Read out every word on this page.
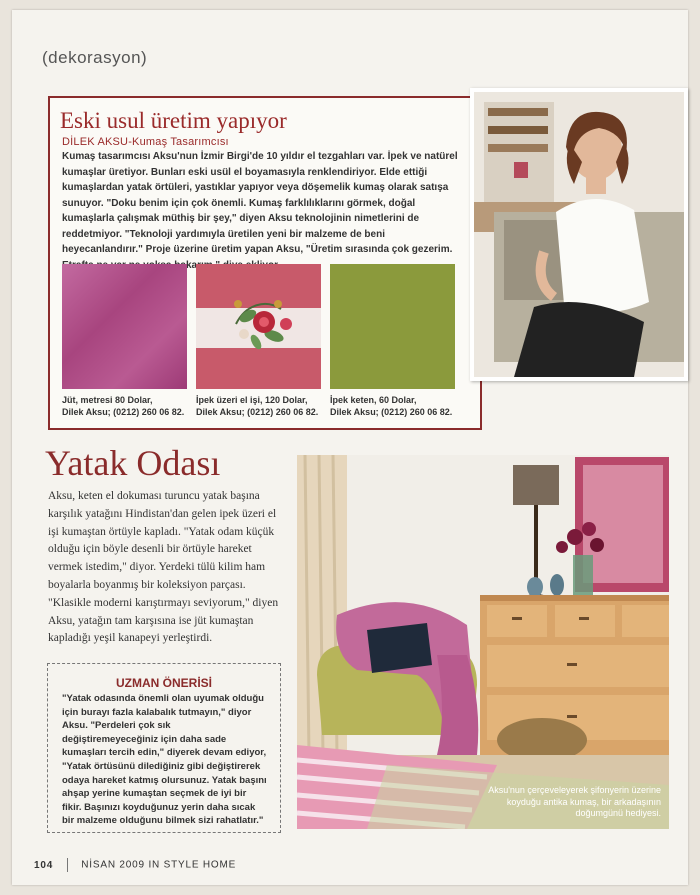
(dekorasyon)
Eski usul üretim yapıyor
DİLEK AKSU-Kumaş Tasarımcısı
Kumaş tasarımcısı Aksu'nun İzmir Birgi'de 10 yıldır el tezgahları var. İpek ve natürel kumaşlar üretiyor. Bunları eski usül el boyamasıyla renklendiriyor. Elde ettiği kumaşlardan yatak örtüleri, yastıklar yapıyor veya döşemelik kumaş olarak satışa sunuyor. "Doku benim için çok önemli. Kumaş farklılıklarını görmek, doğal kumaşlarla çalışmak müthiş bir şey," diyen Aksu teknolojinin nimetlerini de reddetmiyor. "Teknoloji yardımıyla üretilen yeni bir malzeme de beni heyecanlandırır." Proje üzerine üretim yapan Aksu, "Üretim sırasında çok gezerim.
Jüt, metresi 80 Dolar,
Dilek Aksu; (0212) 260 06 82.
İpek üzeri el işi, 120 Dolar,
Dilek Aksu; (0212) 260 06 82.
İpek keten, 60 Dolar,
Dilek Aksu; (0212) 260 06 82.
Yatak Odası
Aksu, keten el dokuması turuncu yatak başına karşılık yatağını Hindistan'dan gelen ipek üzeri el işi kumaştan örtüyle kapladı. "Yatak odam küçük olduğu için böyle desenli bir örtüyle hareket vermek istedim," diyor. Yerdeki tülü kilim ham boyalarla boyanmış bir koleksiyon parçası. "Klasikle moderni karıştırmayı seviyorum," diyen Aksu, yatağın tam karşısına ise jüt kumaştan kapladığı yeşil kanapeyi yerleştirdi.
UZMAN ÖNERİSİ
"Yatak odasında önemli olan uyumak olduğu için burayı fazla kalabalık tutmayın," diyor Aksu. "Perdeleri çok sık değiştiremeyeceğiniz için daha sade kumaşları tercih edin," diyerek devam ediyor, "Yatak örtüsünü dilediğiniz gibi değiştirerek odaya hareket katmış olursunuz. Yatak başını ahşap yerine kumaştan seçmek de iyi bir fikir. Başınızı koyduğunuz yerin daha sıcak bir malzeme olduğunu bilmek sizi rahatlatır."
Aksu'nun çerçeveleyerek şifonyerin üzerine koyduğu antika kumaş, bir arkadaşının doğumgünü hediyesi.
104	NİSAN 2009 IN STYLE HOME
